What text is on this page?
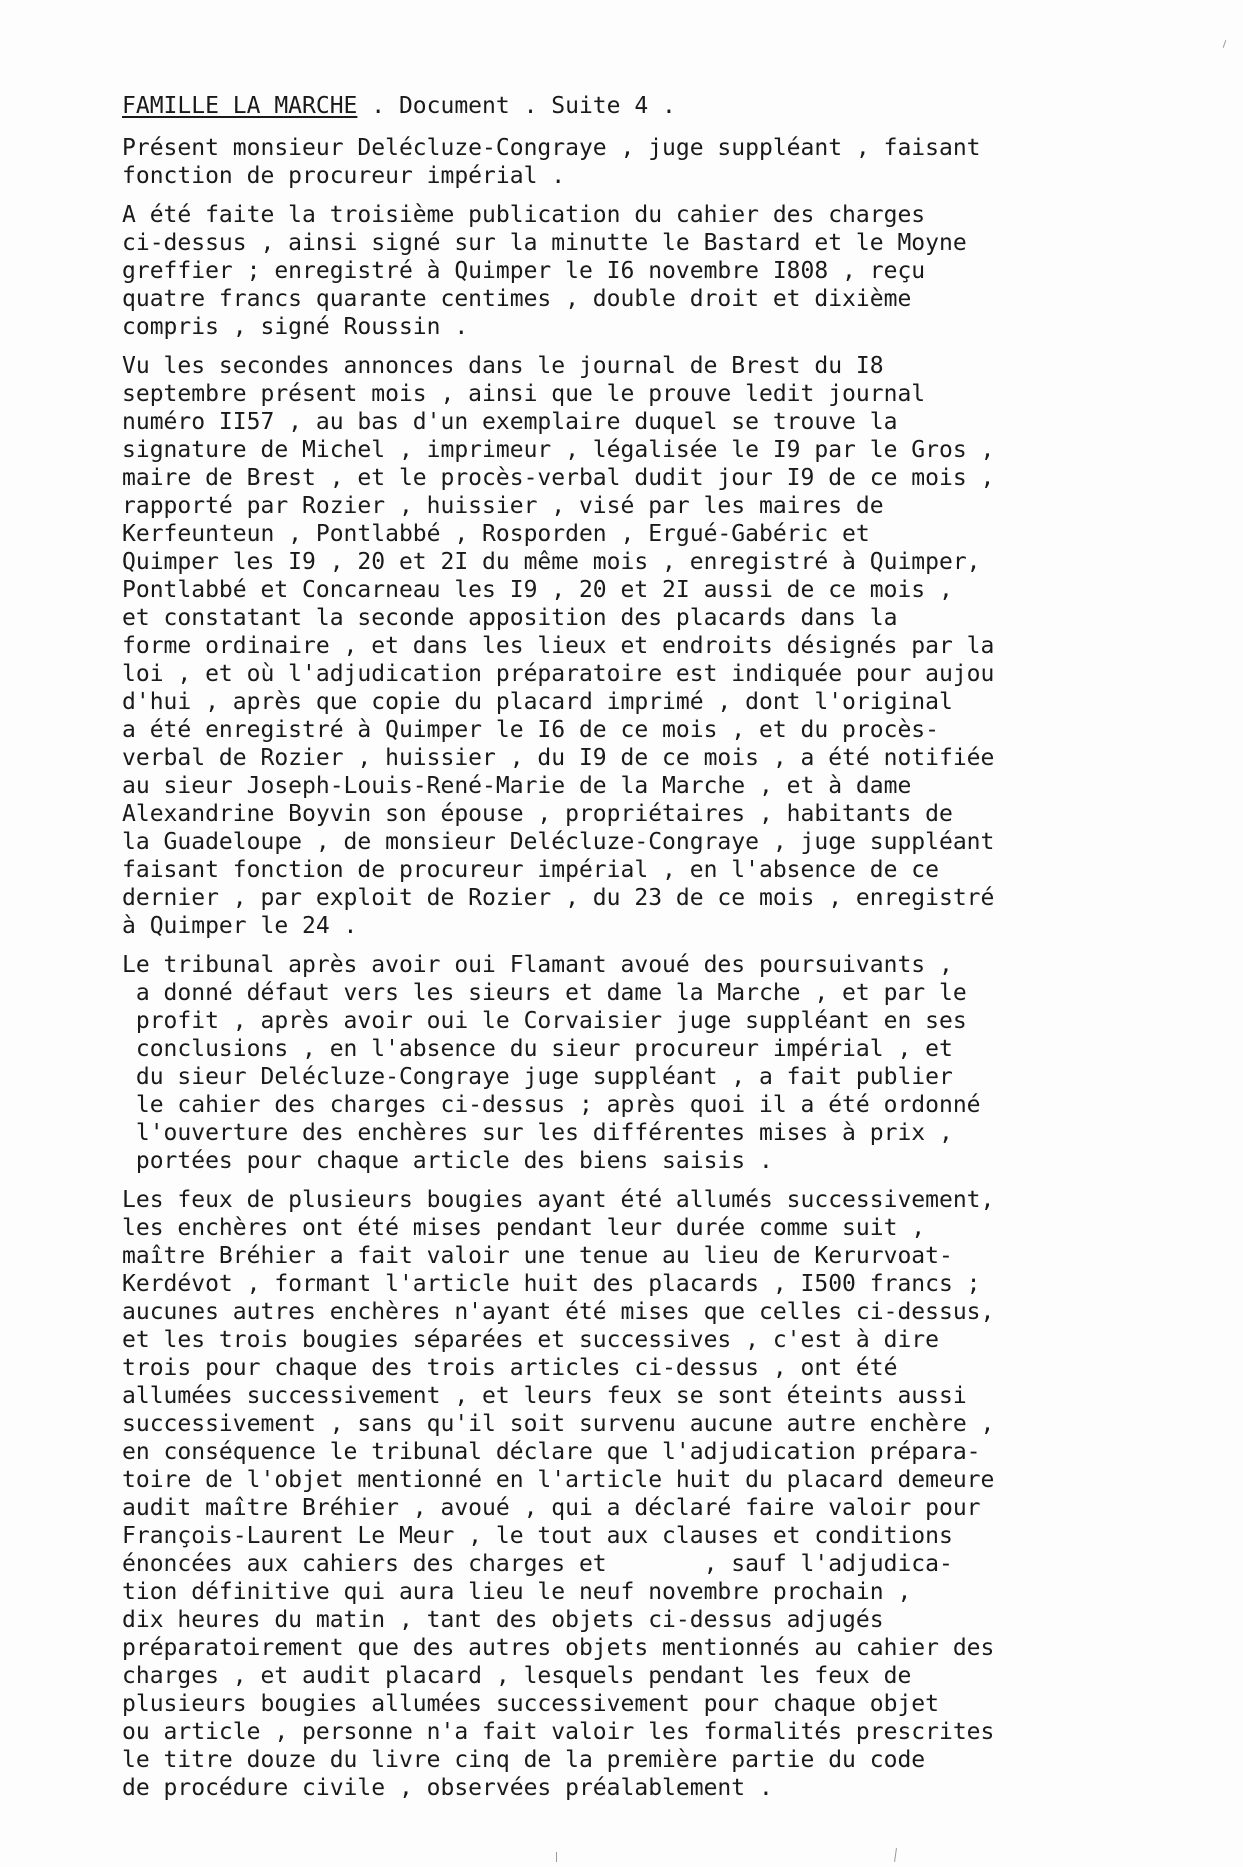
FAMILLE LA MARCHE . Document . Suite 4 .
Présent monsieur Delécluze-Congraye , juge suppléant , faisant
fonction de procureur impérial .
A été faite la troisième publication du cahier des charges
ci-dessus , ainsi signé sur la minutte le Bastard et le Moyne
greffier ; enregistré à Quimper le I6 novembre I808 , reçu
quatre francs quarante centimes , double droit et dixième
compris , signé Roussin .
Vu les secondes annonces dans le journal de Brest du I8
septembre présent mois , ainsi que le prouve ledit journal
numéro II57 , au bas d'un exemplaire duquel se trouve la
signature de Michel , imprimeur , légalisée le I9 par le Gros ,
maire de Brest , et le procès-verbal dudit jour I9 de ce mois ,
rapporté par Rozier , huissier , visé par les maires de
Kerfeunteun , Pontlabbé , Rosporden , Ergué-Gabéric et
Quimper les I9 , 20 et 2I du même mois , enregistré à Quimper,
Pontlabbé et Concarneau les I9 , 20 et 2I aussi de ce mois ,
et constatant la seconde apposition des placards dans la
forme ordinaire , et dans les lieux et endroits désignés par la
loi , et où l'adjudication préparatoire est indiquée pour aujou
d'hui , après que copie du placard imprimé , dont l'original
a été enregistré à Quimper le I6 de ce mois , et du procès-
verbal de Rozier , huissier , du I9 de ce mois , a été notifiée
au sieur Joseph-Louis-René-Marie de la Marche , et à dame
Alexandrine Boyvin son épouse , propriétaires , habitants de
la Guadeloupe , de monsieur Delécluze-Congraye , juge suppléant
faisant fonction de procureur impérial , en l'absence de ce
dernier , par exploit de Rozier , du 23 de ce mois , enregistré
à Quimper le 24 .
Le tribunal après avoir oui Flamant avoué des poursuivants ,
a donné défaut vers les sieurs et dame la Marche , et par le
profit , après avoir oui le Corvaisier juge suppléant en ses
conclusions , en l'absence du sieur procureur impérial , et
du sieur Delécluze-Congraye juge suppléant , a fait publier
le cahier des charges ci-dessus ; après quoi il a été ordonné
l'ouverture des enchères sur les différentes mises à prix ,
portées pour chaque article des biens saisis .
Les feux de plusieurs bougies ayant été allumés successivement,
les enchères ont été mises pendant leur durée comme suit ,
maître Bréhier a fait valoir une tenue au lieu de Kerurvoat-
Kerdévot , formant l'article huit des placards , I500 francs ;
aucunes autres enchères n'ayant été mises que celles ci-dessus,
et les trois bougies séparées et successives , c'est à dire
trois pour chaque des trois articles ci-dessus , ont été
allumées successivement , et leurs feux se sont éteints aussi
successivement , sans qu'il soit survenu aucune autre enchère ,
en conséquence le tribunal déclare que l'adjudication prépara-
toire de l'objet mentionné en l'article huit du placard demeure
audit maître Bréhier , avoué , qui a déclaré faire valoir pour
François-Laurent Le Meur , le tout aux clauses et conditions
énoncées aux cahiers des charges et       , sauf l'adjudica-
tion définitive qui aura lieu le neuf novembre prochain ,
dix heures du matin , tant des objets ci-dessus adjugés
préparatoirement que des autres objets mentionnés au cahier des
charges , et audit placard , lesquels pendant les feux de
plusieurs bougies allumées successivement pour chaque objet
ou article , personne n'a fait valoir les formalités prescrites
le titre douze du livre cinq de la première partie du code
de procédure civile , observées préalablement .
